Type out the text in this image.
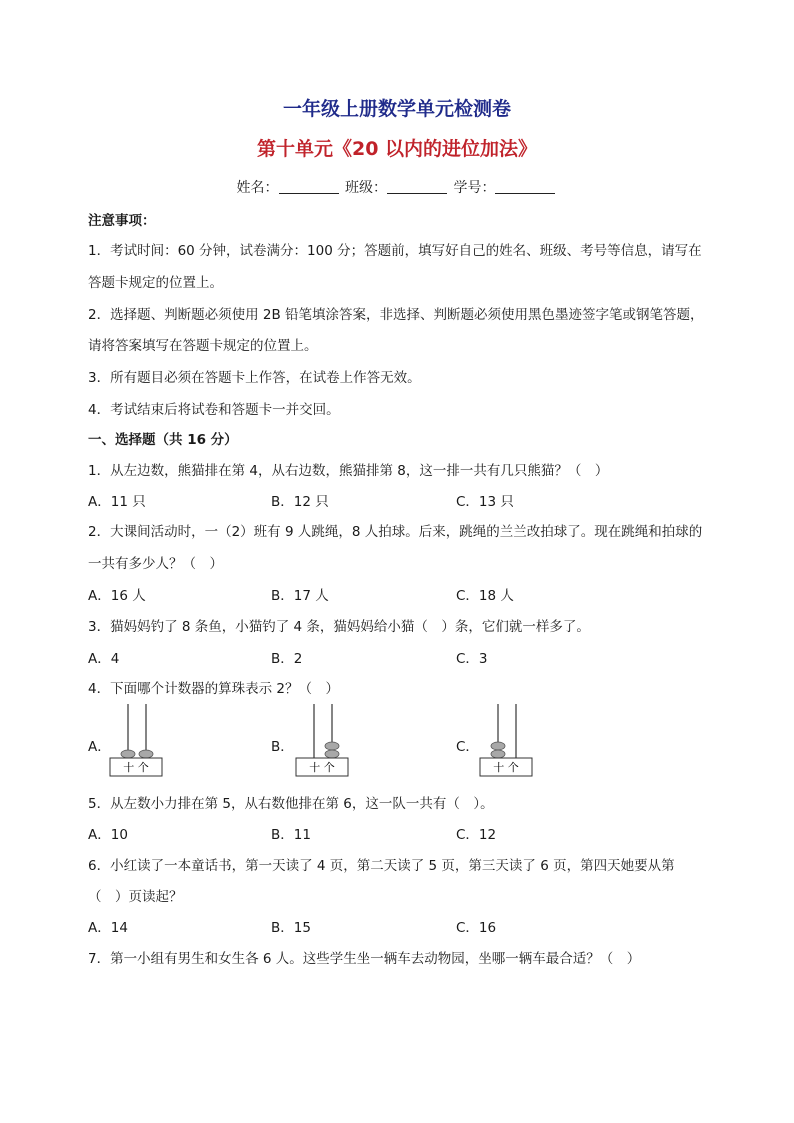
一年级上册数学单元检测卷
第十单元《20 以内的进位加法》
姓名：	班级：	学号：
注意事项：
1．考试时间：60 分钟，试卷满分：100 分；答题前，填写好自己的姓名、班级、考号等信息，请写在
答题卡规定的位置上。
2．选择题、判断题必须使用 2B 铅笔填涂答案，非选择、判断题必须使用黑色墨迹签字笔或钢笔答题，
请将答案填写在答题卡规定的位置上。
3．所有题目必须在答题卡上作答，在试卷上作答无效。
4．考试结束后将试卷和答题卡一并交回。
一、选择题（共 16 分）
1．从左边数，熊猫排在第 4，从右边数，熊猫排第 8，这一排一共有几只熊猫？（　）
A．11 只	B．12 只	C．13 只
2．大课间活动时，一（2）班有 9 人跳绳，8 人拍球。后来，跳绳的兰兰改拍球了。现在跳绳和拍球的
一共有多少人？（　）
A．16 人	B．17 人	C．18 人
3．猫妈妈钓了 8 条鱼，小猫钓了 4 条，猫妈妈给小猫（　）条，它们就一样多了。
A．4	B．2	C．3
4．下面哪个计数器的算珠表示 2？（　）
A．	B．	C．
十 个	十 个	十 个
5．从左数小力排在第 5，从右数他排在第 6，这一队一共有（　）。
A．10	B．11	C．12
6．小红读了一本童话书，第一天读了 4 页，第二天读了 5 页，第三天读了 6 页，第四天她要从第
（　）页读起？
A．14	B．15	C．16
7．第一小组有男生和女生各 6 人。这些学生坐一辆车去动物园，坐哪一辆车最合适？（　）
